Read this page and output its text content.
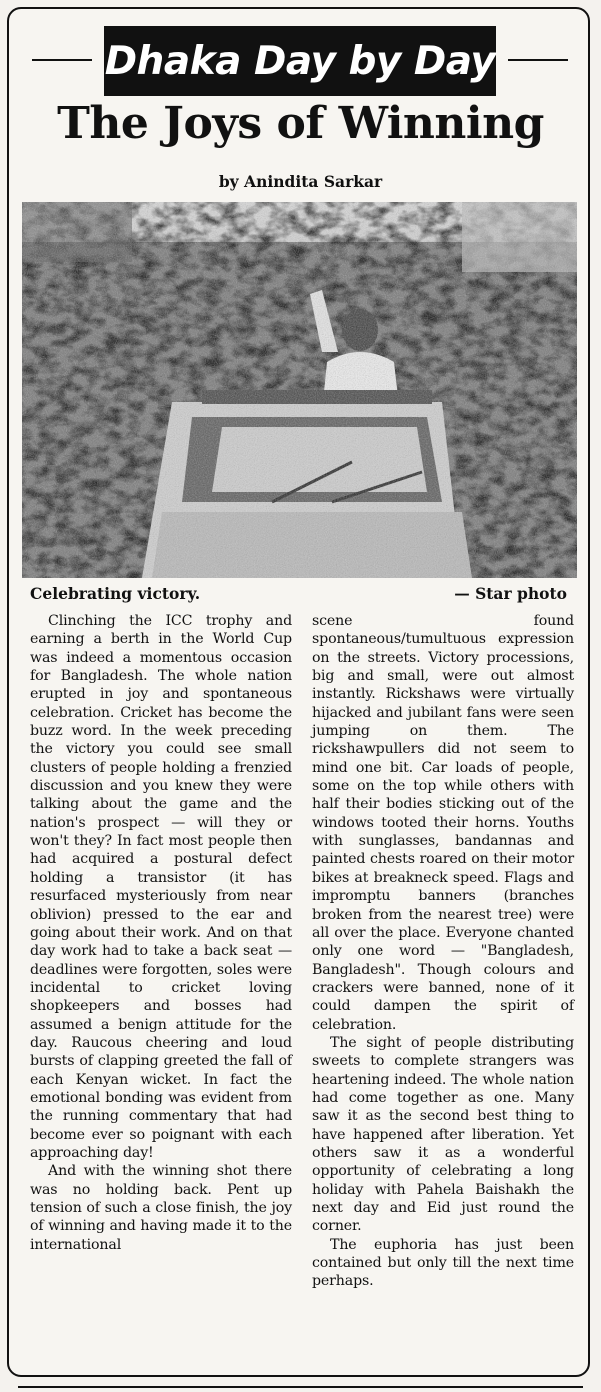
Dhaka Day by Day
The Joys of Winning

by Anindita Sarkar

Celebrating victory.	— Star photo

Clinching the ICC trophy and earning a berth in the World Cup was indeed a momentous occasion for Bangladesh. The whole nation erupted in joy and spontaneous celebration. Cricket has become the buzz word. In the week preceding the victory you could see small clusters of people holding a frenzied discussion and you knew they were talking about the game and the nation's prospect — will they or won't they? In fact most people then had acquired a postural defect holding a transistor (it has resurfaced mysteriously from near oblivion) pressed to the ear and going about their work. And on that day work had to take a back seat — deadlines were forgotten, soles were incidental to cricket loving shopkeepers and bosses had assumed a benign attitude for the day. Raucous cheering and loud bursts of clapping greeted the fall of each Kenyan wicket. In fact the emotional bonding was evident from the running commentary that had become ever so poignant with each approaching day!

And with the winning shot there was no holding back. Pent up tension of such a close finish, the joy of winning and having made it to the international

scene found spontaneous/tumultuous expression on the streets. Victory processions, big and small, were out almost instantly. Rickshaws were virtually hijacked and jubilant fans were seen jumping on them. The rickshawpullers did not seem to mind one bit. Car loads of people, some on the top while others with half their bodies sticking out of the windows tooted their horns. Youths with sunglasses, bandannas and painted chests roared on their motor bikes at breakneck speed. Flags and impromptu banners (branches broken from the nearest tree) were all over the place. Everyone chanted only one word — "Bangladesh, Bangladesh". Though colours and crackers were banned, none of it could dampen the spirit of celebration.

The sight of people distributing sweets to complete strangers was heartening indeed. The whole nation had come together as one. Many saw it as the second best thing to have happened after liberation. Yet others saw it as a wonderful opportunity of celebrating a long holiday with Pahela Baishakh the next day and Eid just round the corner.

The euphoria has just been contained but only till the next time perhaps.
